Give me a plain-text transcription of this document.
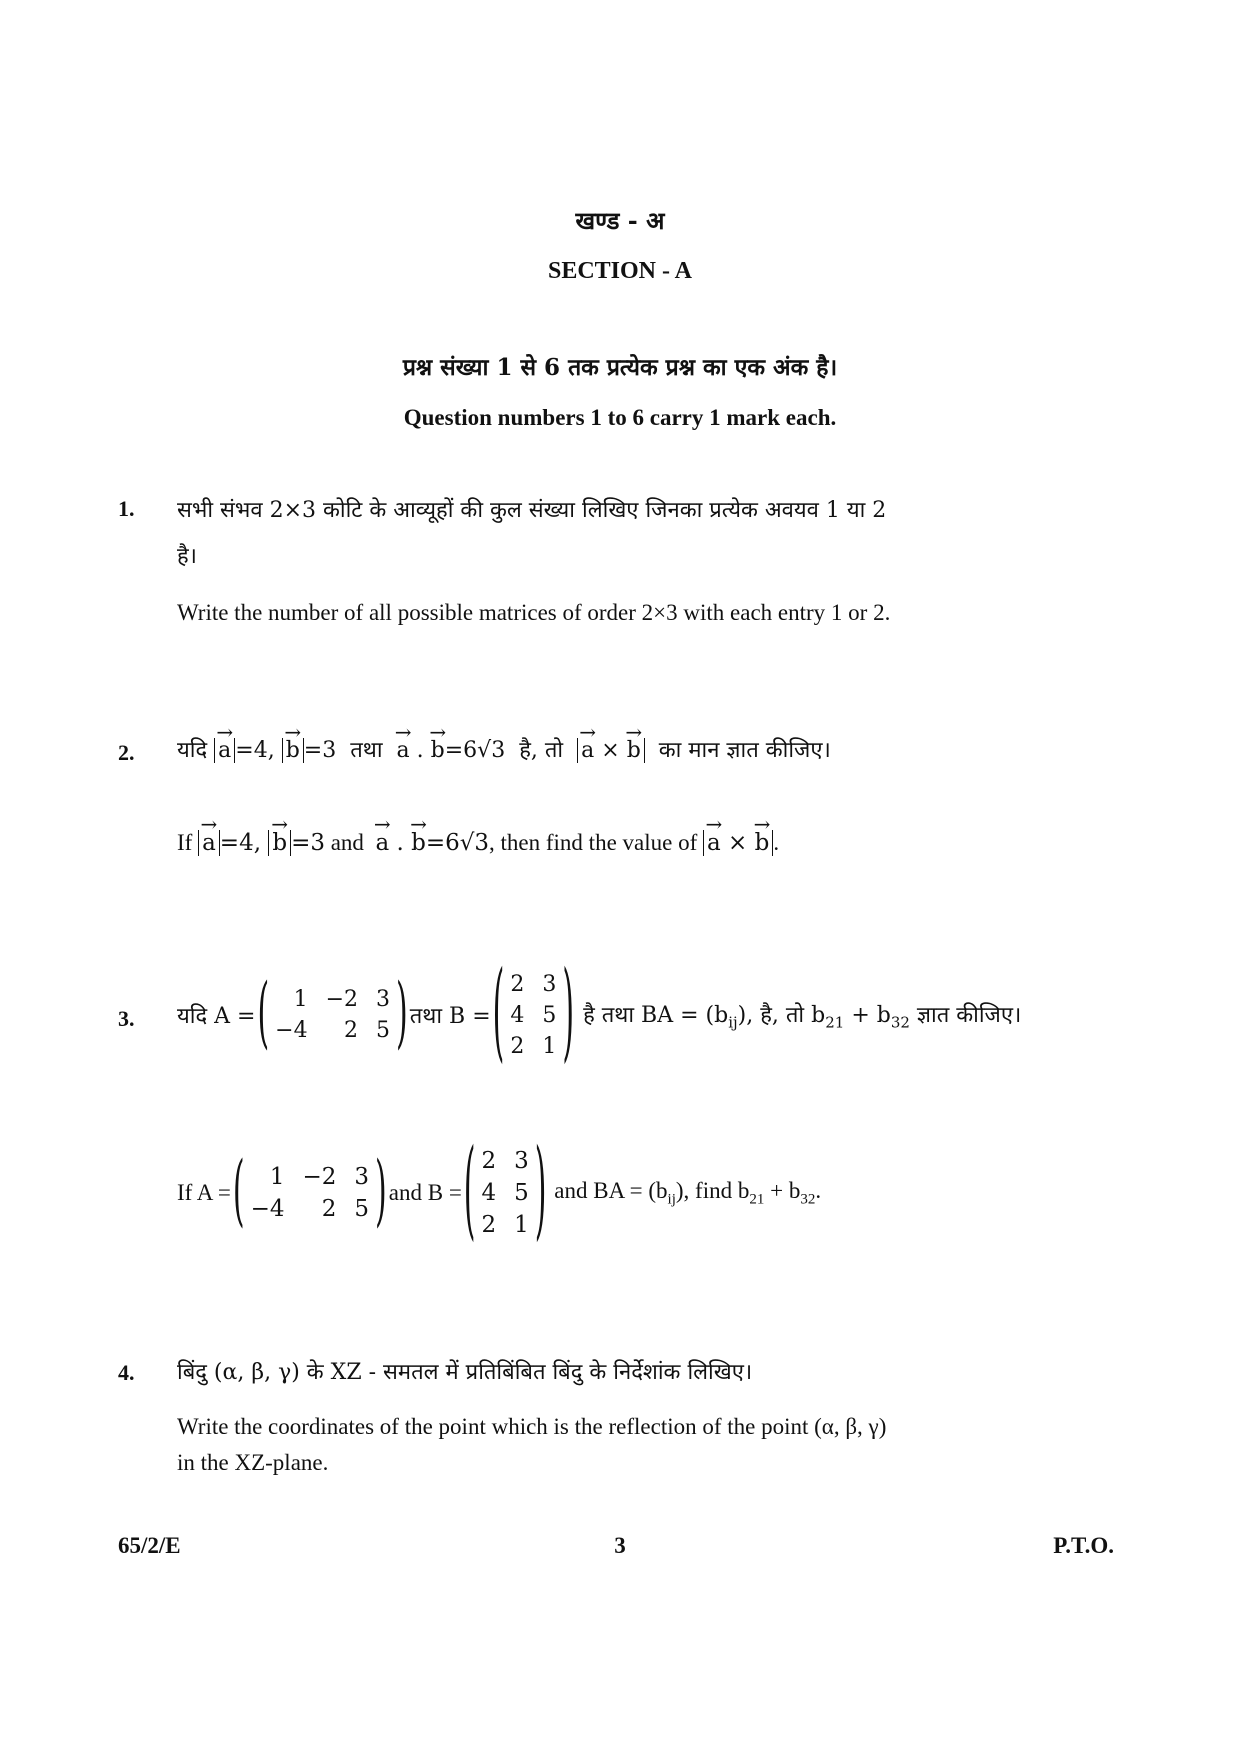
खण्ड - अ
SECTION - A
प्रश्न संख्या 1 से 6 तक प्रत्येक प्रश्न का एक अंक है।
Question numbers 1 to 6 carry 1 mark each.
1. सभी संभव 2×3 कोटि के आव्यूहों की कुल संख्या लिखिए जिनका प्रत्येक अवयव 1 या 2
है।
Write the number of all possible matrices of order 2×3 with each entry 1 or 2.
2. यदि → a =4, → b =3 तथा → a . → b=6√3 है, तो → a × → b का मान ज्ञात कीजिए।
If → a =4, → b =3 and → a . → b=6√3, then find the value of → a × → b .
3. यदि A = (	1 −2 3
−4	2 5 ) तथा B = ( 2 3
4 5
2 1 ) है तथा BA = $(b_{ij})$, है, तो $b_{21} + b_{32}$ ज्ञात कीजिए।
If A = (	1 −2 3
−4	2 5 ) and B = ( 2 3
4 5
2 1 ) and BA = $(b_{ij})$, find $b_{21} + b_{32}$.
4. बिंदु (α, β, γ) के XZ - समतल में प्रतिबिंबित बिंदु के निर्देशांक लिखिए।
Write the coordinates of the point which is the reflection of the point (α, β, γ)
in the XZ-plane.
65/2/E	3	P.T.O.
